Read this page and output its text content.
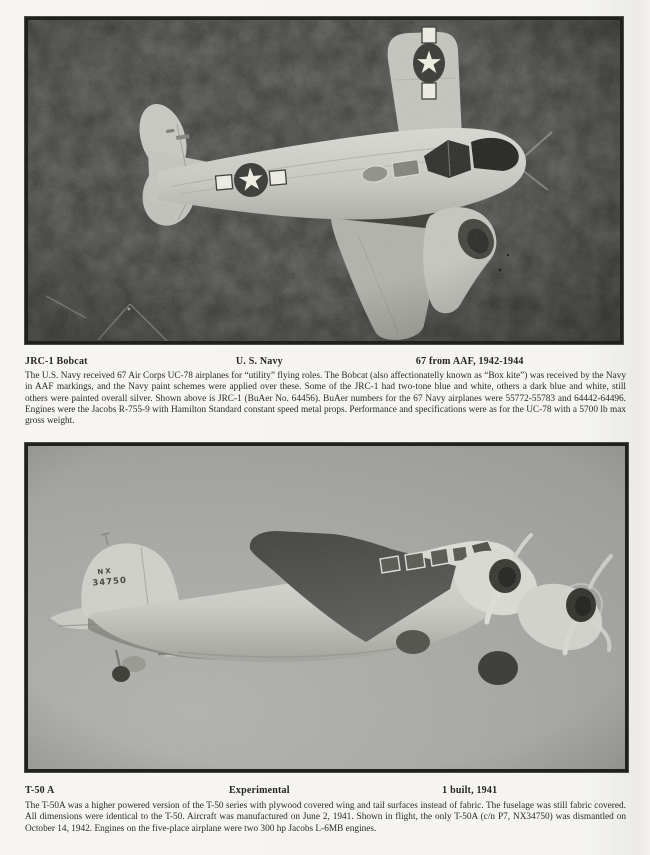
JRC-1 Bobcat	U. S. Navy	67 from AAF, 1942-1944

The U.S. Navy received 67 Air Corps UC-78 airplanes for “utility” flying roles. The Bobcat (also affectionatelly known as “Box kite”) was received by the Navy in AAF markings, and the Navy paint schemes were applied over these. Some of the JRC-1 had two-tone blue and white, others a dark blue and white, still others were painted overall silver. Shown above is JRC-1 (BuAer No. 64456). BuAer numbers for the 67 Navy airplanes were 55772-55783 and 64442-64496. Engines were the Jacobs R-755-9 with Hamilton Standard constant speed metal props. Performance and specifications were as for the UC-78 with a 5700 lb max gross weight.

T-50 A	Experimental	1 built, 1941

The T-50A was a higher powered version of the T-50 series with plywood covered wing and tail surfaces instead of fabric. The fuselage was still fabric covered. All dimensions were identical to the T-50. Aircraft was manufactured on June 2, 1941. Shown in flight, the only T-50A (c/n P7, NX34750) was dismantled on October 14, 1942. Engines on the five-place airplane were two 300 hp Jacobs L-6MB engines.
